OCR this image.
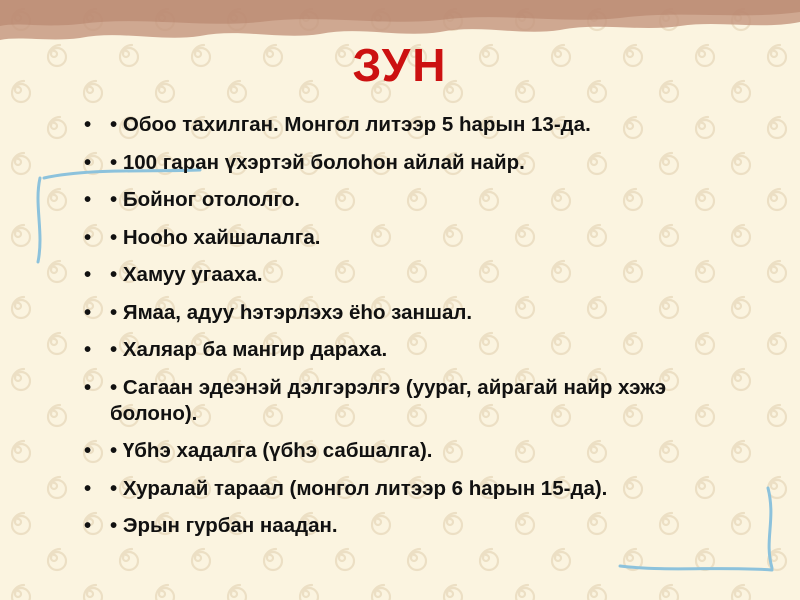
ЗУН
• • Обоо тахилган. Монгол литээр 5 һарын 13-да.
• • 100 гаран үхэртэй болоһон айлай найр.
• • Бойног отололго.
• • Нооһо хайшалалга.
• • Хамуу угааха.
• • Ямаа, адуу һэтэрлэхэ ёһо заншал.
• • Халяар ба мангир дараха.
• • Сагаан эдеэнэй дэлгэрэлгэ (уураг, айрагай найр хэжэ болоно).
• • Үбһэ хадалга (үбһэ сабшалга).
• • Хуралай тараал (монгол литээр 6 һарын 15-да).
• • Эрын гурбан наадан.
